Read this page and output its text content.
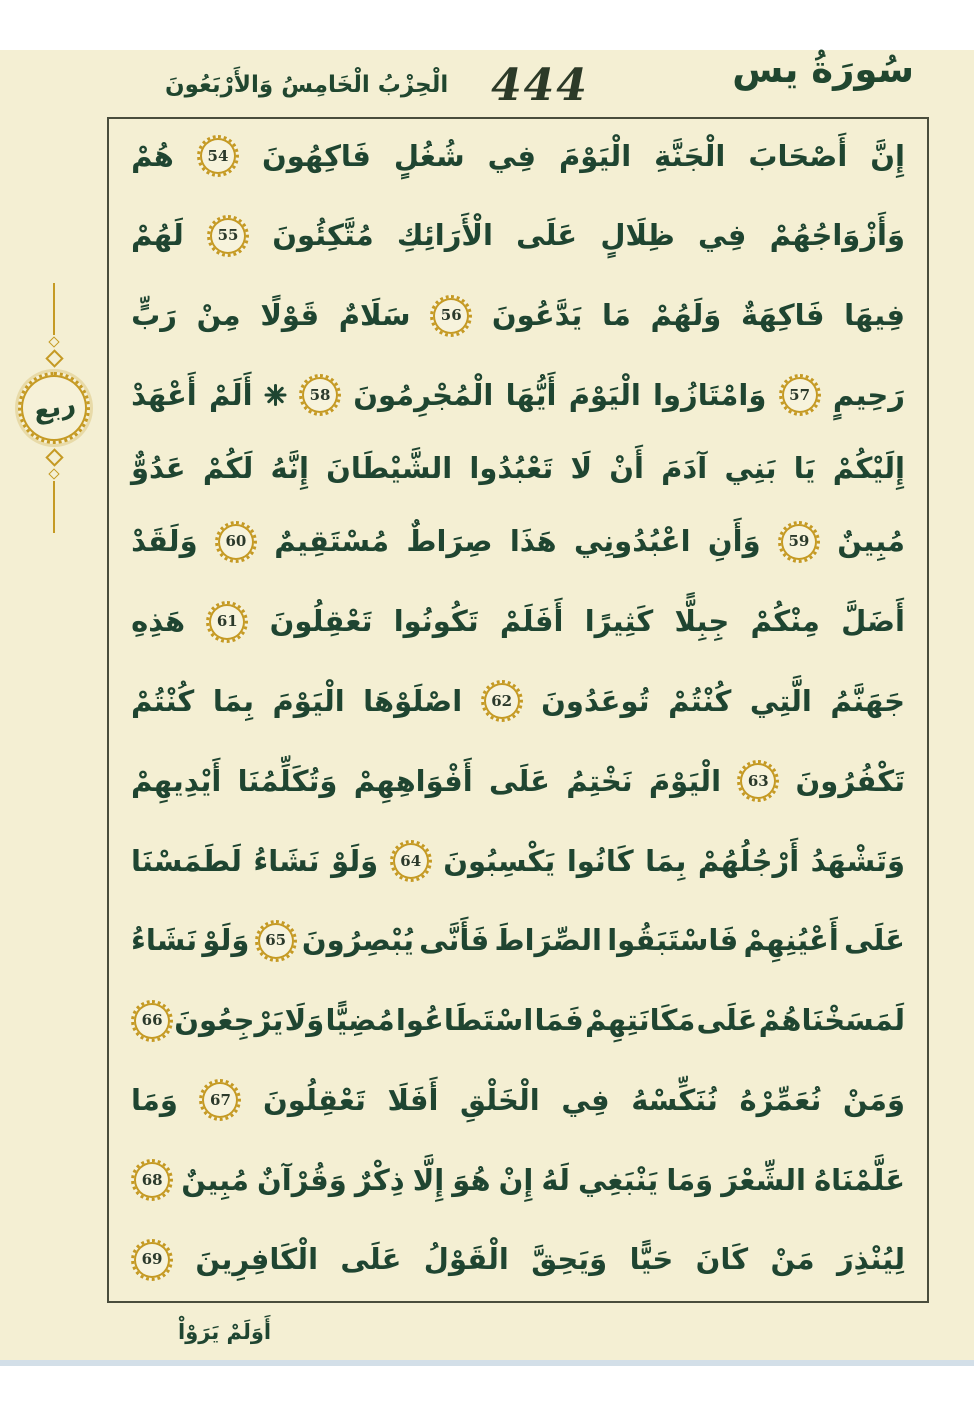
سُورَةُ يس
444
الْحِزْبُ الْخَامِسُ وَالأَرْبَعُونَ
ربع
إِنَّ
أَصْحَابَ
الْجَنَّةِ
الْيَوْمَ
فِي
شُغُلٍ
فَاكِهُونَ
54
هُمْ
وَأَزْوَاجُهُمْ
فِي
ظِلَالٍ
عَلَى
الْأَرَائِكِ
مُتَّكِئُونَ
55
لَهُمْ
فِيهَا
فَاكِهَةٌ
وَلَهُمْ
مَا
يَدَّعُونَ
56
سَلَامٌ
قَوْلًا
مِنْ
رَبٍّ
رَحِيمٍ
57
وَامْتَازُوا
الْيَوْمَ
أَيُّهَا
الْمُجْرِمُونَ
58
أَلَمْ
أَعْهَدْ
إِلَيْكُمْ
يَا
بَنِي
آدَمَ
أَنْ
لَا
تَعْبُدُوا
الشَّيْطَانَ
إِنَّهُ
لَكُمْ
عَدُوٌّ
مُبِينٌ
59
وَأَنِ
اعْبُدُونِي
هَذَا
صِرَاطٌ
مُسْتَقِيمٌ
60
وَلَقَدْ
أَضَلَّ
مِنْكُمْ
جِبِلًّا
كَثِيرًا
أَفَلَمْ
تَكُونُوا
تَعْقِلُونَ
61
هَذِهِ
جَهَنَّمُ
الَّتِي
كُنْتُمْ
تُوعَدُونَ
62
اصْلَوْهَا
الْيَوْمَ
بِمَا
كُنْتُمْ
تَكْفُرُونَ
63
الْيَوْمَ
نَخْتِمُ
عَلَى
أَفْوَاهِهِمْ
وَتُكَلِّمُنَا
أَيْدِيهِمْ
وَتَشْهَدُ
أَرْجُلُهُمْ
بِمَا
كَانُوا
يَكْسِبُونَ
64
وَلَوْ
نَشَاءُ
لَطَمَسْنَا
عَلَى
أَعْيُنِهِمْ
فَاسْتَبَقُوا
الصِّرَاطَ
فَأَنَّى
يُبْصِرُونَ
65
وَلَوْ
نَشَاءُ
لَمَسَخْنَاهُمْ
عَلَى
مَكَانَتِهِمْ
فَمَا
اسْتَطَاعُوا
مُضِيًّا
وَلَا
يَرْجِعُونَ
66
وَمَنْ
نُعَمِّرْهُ
نُنَكِّسْهُ
فِي
الْخَلْقِ
أَفَلَا
تَعْقِلُونَ
67
وَمَا
عَلَّمْنَاهُ
الشِّعْرَ
وَمَا
يَنْبَغِي
لَهُ
إِنْ
هُوَ
إِلَّا
ذِكْرٌ
وَقُرْآنٌ
مُبِينٌ
68
لِيُنْذِرَ
مَنْ
كَانَ
حَيًّا
وَيَحِقَّ
الْقَوْلُ
عَلَى
الْكَافِرِينَ
69
أَوَلَمْ يَرَوْاْ
